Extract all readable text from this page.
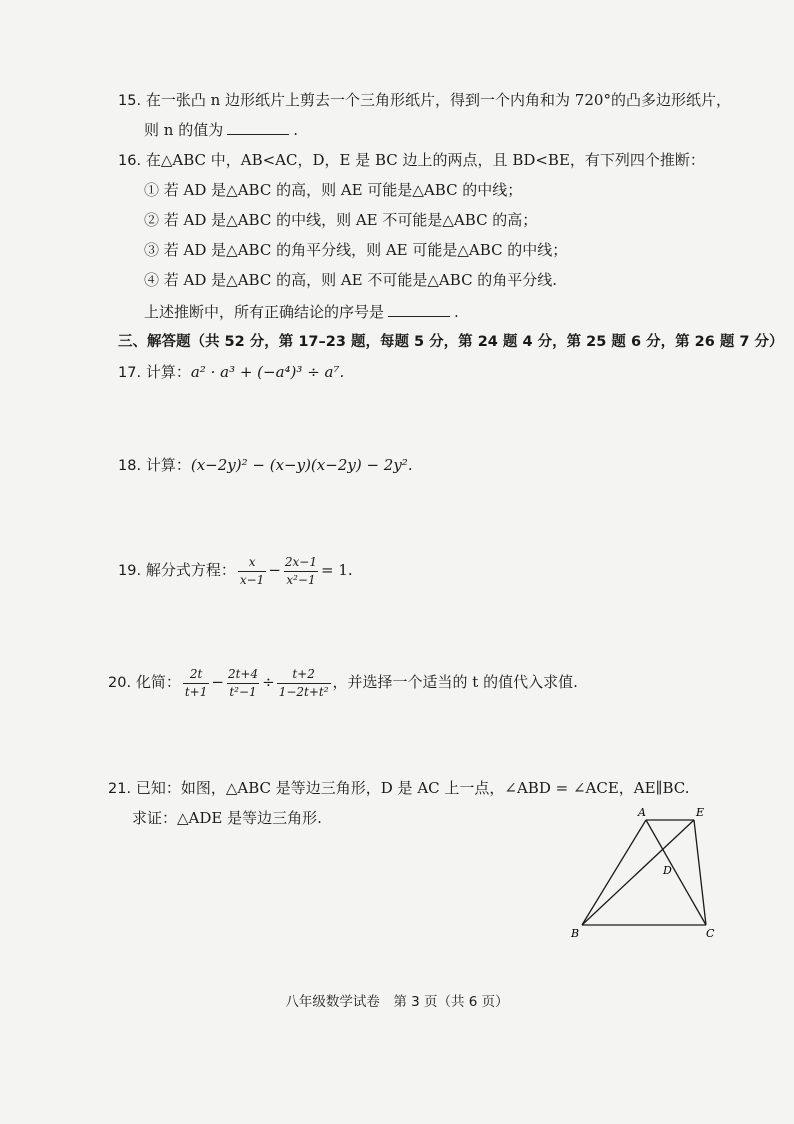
15. 在一张凸 n 边形纸片上剪去一个三角形纸片，得到一个内角和为 720°的凸多边形纸片，
则 n 的值为	.
16. 在△ABC 中，AB<AC，D，E 是 BC 边上的两点，且 BD<BE，有下列四个推断：
① 若 AD 是△ABC 的高，则 AE 可能是△ABC 的中线；
② 若 AD 是△ABC 的中线，则 AE 不可能是△ABC 的高；
③ 若 AD 是△ABC 的角平分线，则 AE 可能是△ABC 的中线；
④ 若 AD 是△ABC 的高，则 AE 不可能是△ABC 的角平分线.
上述推断中，所有正确结论的序号是	.
三、解答题（共 52 分，第 17–23 题，每题 5 分，第 24 题 4 分，第 25 题 6 分，第 26 题 7 分）
17. 计算：a² · a³ + (−a⁴)³ ÷ a⁷.
18. 计算：(x−2y)² − (x−y)(x−2y) − 2y².
19. 解分式方程： $\frac{x}{x-1} - \frac{2x-1}{\text{x²−1}} = 1$.
20. 化简： $\frac{2t}{t+1} - \frac{2t+4}{\text{t²−1}} \div \frac{t+2}{\text{1−2t+t²}}$ ，并选择一个适当的 t 的值代入求值.
21. 已知：如图，△ABC 是等边三角形，D 是 AC 上一点，∠ABD = ∠ACE，AE∥BC.
求证：△ADE 是等边三角形.	A	E
B	C
D
八年级数学试卷　第 3 页（共 6 页）
